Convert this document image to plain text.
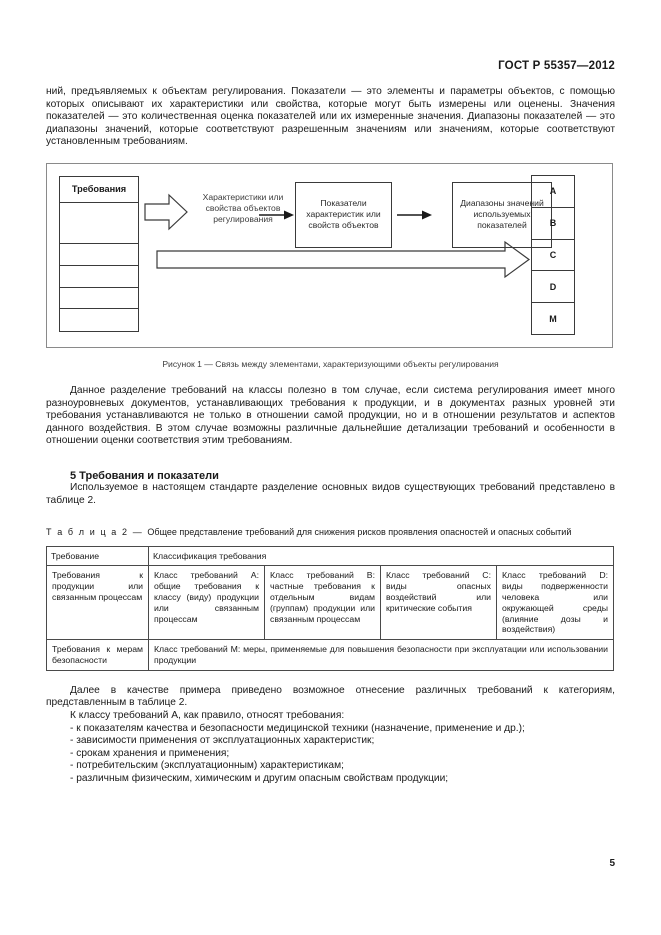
ГОСТ Р 55357—2012

ний, предъявляемых к объектам регулирования. Показатели — это элементы и параметры объектов, с помощью которых описывают их характеристики или свойства, которые могут быть измерены или оценены. Значения показателей — это количественная оценка показателей или их измеренные значения. Диапазоны показателей — это диапазоны значений, которые соответствуют разрешенным значениям или значениям, которые соответствуют установленным требованиям.

Требования
Характеристики или свойства объектов регулирования
Показатели характеристик или свойств объектов
Диапазоны значений используемых показателей
A
B
C
D
M
Рисунок 1 — Связь между элементами, характеризующими объекты регулирования

Данное разделение требований на классы полезно в том случае, если система регулирования имеет много разноуровневых документов, устанавливающих требования к продукции, и в документах разных уровней эти требования устанавливаются не только в отношении самой продукции, но и в отношении результатов и аспектов данного воздействия. В этом случае возможны различные дальнейшие детализации требований и особенности в отношении оценки соответствия этим требованиям.

5 Требования и показатели

Используемое в настоящем стандарте разделение основных видов существующих требований представлено в таблице 2.

Т а б л и ц а 2 — Общее представление требований для снижения рисков проявления опасностей и опасных событий
Требование	Классификация требования			
Требования к продукции или связанным процессам	Класс требований A: общие требования к классу (виду) продукции или связанным процессам	Класс требований B: частные требования к отдельным видам (группам) продукции или связанным процессам	Класс требований C: виды опасных воздействий или критические события	Класс требований D: виды подверженности человека или окружающей среды (влияние дозы и воздействия)
Требования к мерам безопасности	Класс требований M: меры, применяемые для повышения безопасности при эксплуатации или использовании продукции			

Далее в качестве примера приведено возможное отнесение различных требований к категориям, представленным в таблице 2.

К классу требований A, как правило, относят требования:

- к показателям качества и безопасности медицинской техники (назначение, применение и др.);
- зависимости применения от эксплуатационных характеристик;
- срокам хранения и применения;
- потребительским (эксплуатационным) характеристикам;
- различным физическим, химическим и другим опасным свойствам продукции;
5
